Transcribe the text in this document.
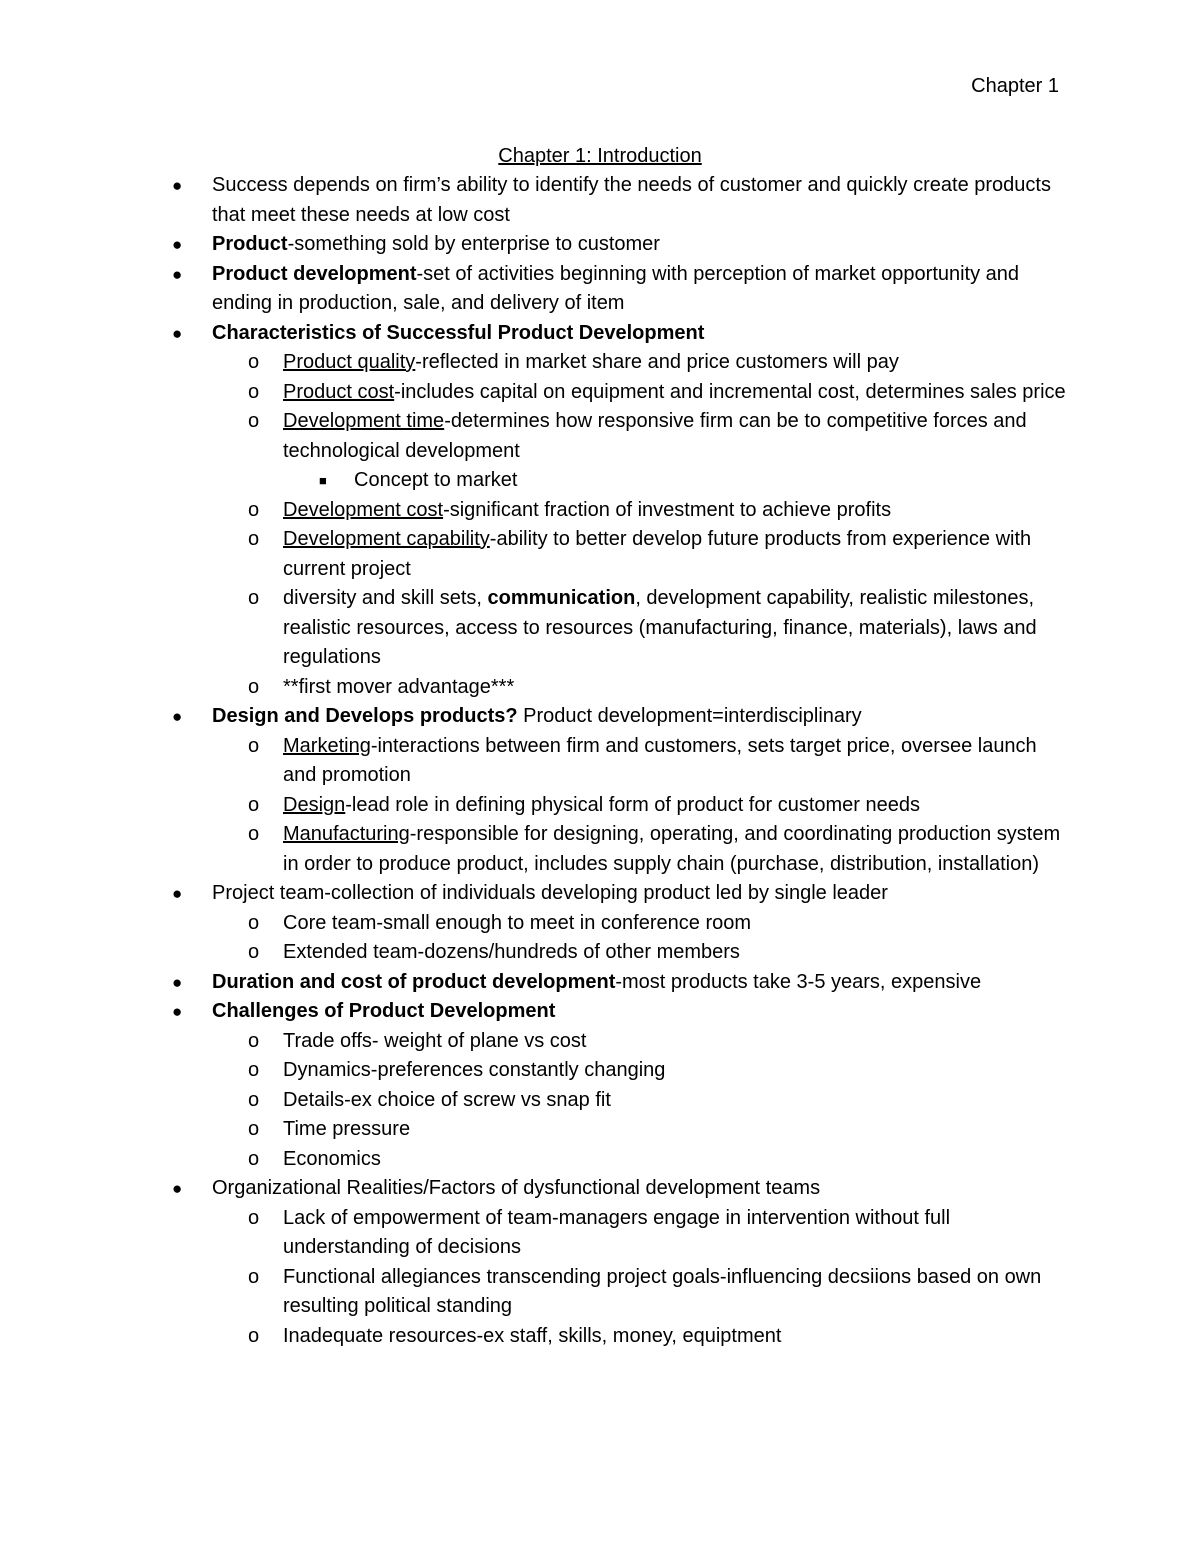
Chapter 1
Chapter 1: Introduction
● Success depends on firm’s ability to identify the needs of customer and quickly create products that meet these needs at low cost
● Product-something sold by enterprise to customer
● Product development-set of activities beginning with perception of market opportunity and ending in production, sale, and delivery of item
● Characteristics of Successful Product Development
o Product quality-reflected in market share and price customers will pay
o Product cost-includes capital on equipment and incremental cost, determines sales price
o Development time-determines how responsive firm can be to competitive forces and technological development
■ Concept to market
o Development cost-significant fraction of investment to achieve profits
o Development capability-ability to better develop future products from experience with current project
o diversity and skill sets, communication, development capability, realistic milestones, realistic resources, access to resources (manufacturing, finance, materials), laws and regulations
o **first mover advantage***
● Design and Develops products? Product development=interdisciplinary
o Marketing-interactions between firm and customers, sets target price, oversee launch and promotion
o Design-lead role in defining physical form of product for customer needs
o Manufacturing-responsible for designing, operating, and coordinating production system in order to produce product, includes supply chain (purchase, distribution, installation)
● Project team-collection of individuals developing product led by single leader
o Core team-small enough to meet in conference room
o Extended team-dozens/hundreds of other members
● Duration and cost of product development-most products take 3-5 years, expensive
● Challenges of Product Development
o Trade offs- weight of plane vs cost
o Dynamics-preferences constantly changing
o Details-ex choice of screw vs snap fit
o Time pressure
o Economics
● Organizational Realities/Factors of dysfunctional development teams
o Lack of empowerment of team-managers engage in intervention without full understanding of decisions
o Functional allegiances transcending project goals-influencing decsiions based on own resulting political standing
o Inadequate resources-ex staff, skills, money, equiptment
